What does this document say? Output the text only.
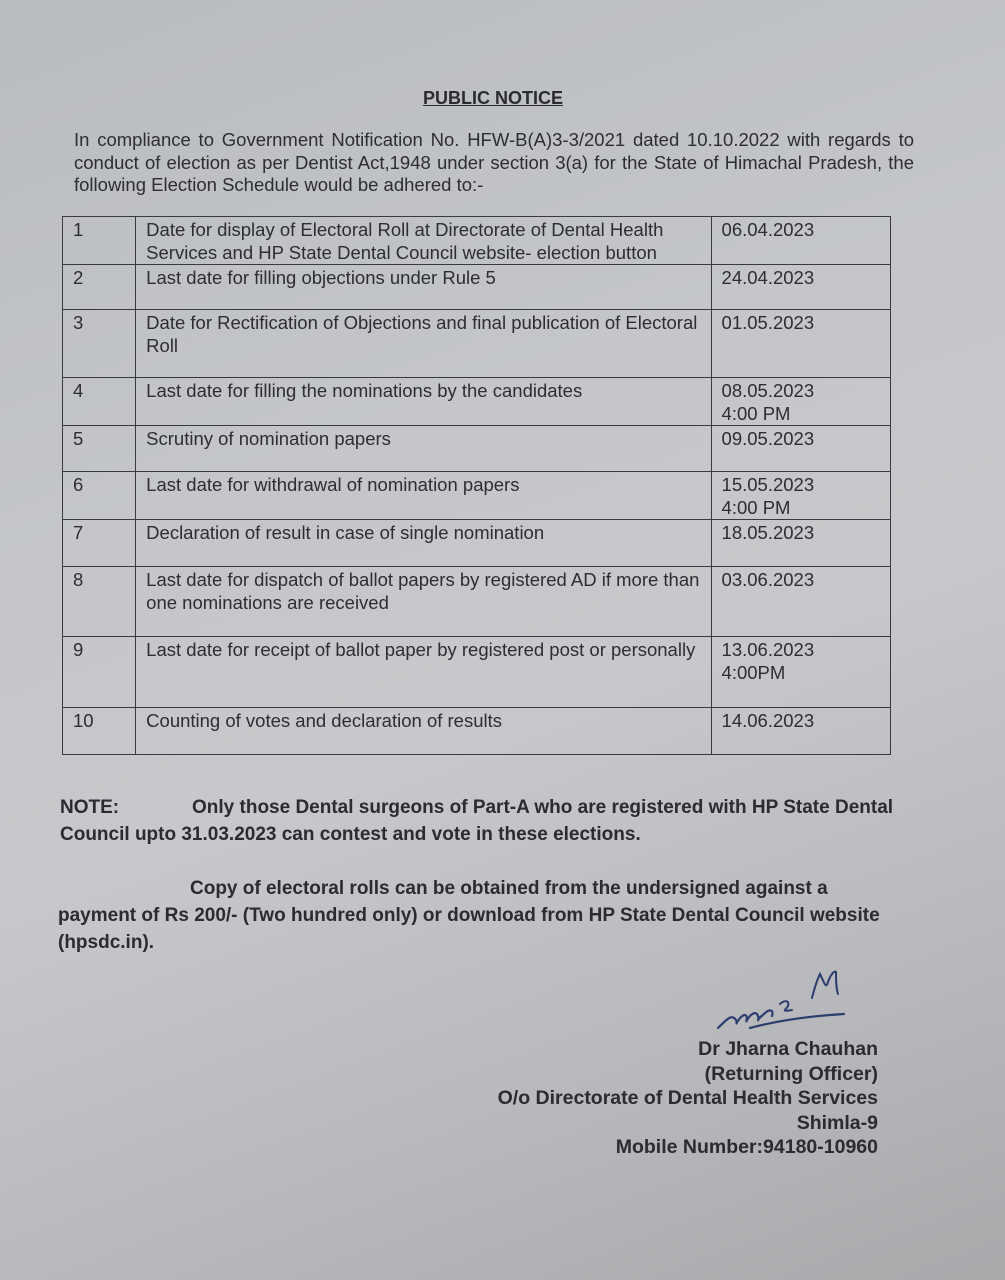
PUBLIC NOTICE
In compliance to Government Notification No. HFW-B(A)3-3/2021 dated 10.10.2022 with regards to conduct of election as per Dentist Act,1948 under section 3(a) for the State of Himachal Pradesh, the following Election Schedule would be adhered to:-
1	Date for display of Electoral Roll at Directorate of Dental Health Services and HP State Dental Council website- election button	06.04.2023

2	Last date for filling objections under Rule 5	24.04.2023

3	Date for Rectification of Objections and final publication of Electoral Roll	01.05.2023

4	Last date for filling the nominations by the candidates	08.05.2023
4:00 PM

5	Scrutiny of nomination papers	09.05.2023

6	Last date for withdrawal of nomination papers	15.05.2023
4:00 PM

7	Declaration of result in case of single nomination	18.05.2023

8	Last date for dispatch of ballot papers by registered AD if more than one nominations are received	03.06.2023

9	Last date for receipt of ballot paper by registered post or personally	13.06.2023
4:00PM

10	Counting of votes and declaration of results	14.06.2023
NOTE:	Only those Dental surgeons of Part-A who are registered with HP State Dental Council upto 31.03.2023 can contest and vote in these elections.
Copy of electoral rolls can be obtained from the undersigned against a payment of Rs 200/- (Two hundred only) or download from HP State Dental Council website (hpsdc.in).
Dr Jharna Chauhan
(Returning Officer)
O/o Directorate of Dental Health Services
Shimla-9
Mobile Number:94180-10960
